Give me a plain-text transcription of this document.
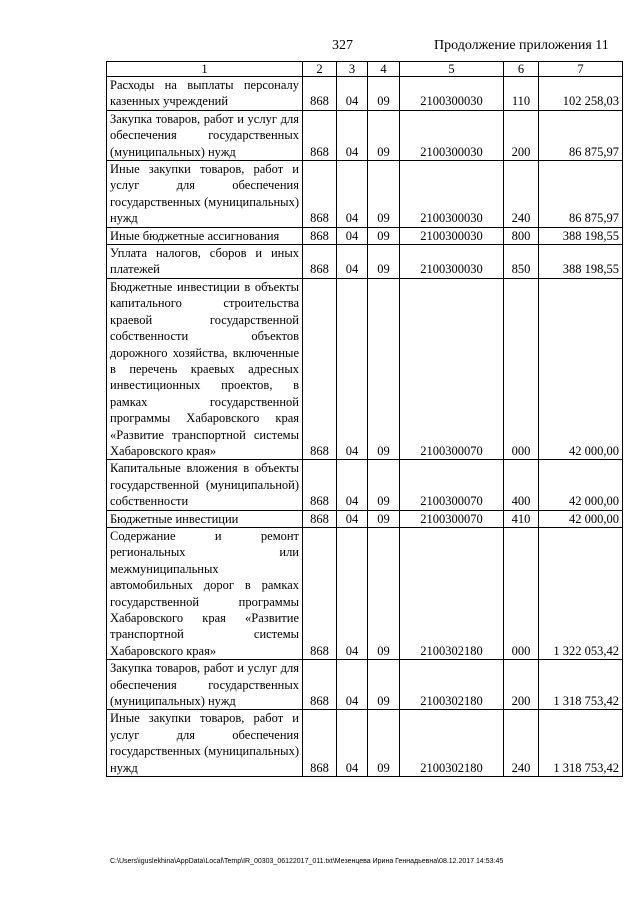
327	Продолжение приложения 11
1	2	3	4	5	6	7
Расходы на выплаты персоналу казенных учреждений	868	04	09	2100300030	110	102 258,03
Закупка товаров, работ и услуг для обеспечения государственных (муниципальных) нужд	868	04	09	2100300030	200	86 875,97
Иные закупки товаров, работ и услуг для обеспечения государственных (муниципальных) нужд	868	04	09	2100300030	240	86 875,97
Иные бюджетные ассигнования	868	04	09	2100300030	800	388 198,55
Уплата налогов, сборов и иных платежей	868	04	09	2100300030	850	388 198,55
Бюджетные инвестиции в объекты капитального строительства краевой государственной собственности объектов дорожного хозяйства, включенные в перечень краевых адресных инвестиционных проектов, в рамках государственной программы Хабаровского края «Развитие транспортной системы Хабаровского края»	868	04	09	2100300070	000	42 000,00
Капитальные вложения в объекты государственной (муниципальной) собственности	868	04	09	2100300070	400	42 000,00
Бюджетные инвестиции	868	04	09	2100300070	410	42 000,00
Содержание и ремонт региональных или межмуниципальных автомобильных дорог в рамках государственной программы Хабаровского края «Развитие транспортной системы Хабаровского края»	868	04	09	2100302180	000	1 322 053,42
Закупка товаров, работ и услуг для обеспечения государственных (муниципальных) нужд	868	04	09	2100302180	200	1 318 753,42
Иные закупки товаров, работ и услуг для обеспечения государственных (муниципальных) нужд	868	04	09	2100302180	240	1 318 753,42
C:\Users\iguslekhina\AppData\Local\Temp\IR_00303_06122017_011.txt\Мезенцева Ирина Геннадьевна\08.12.2017 14:53:45
